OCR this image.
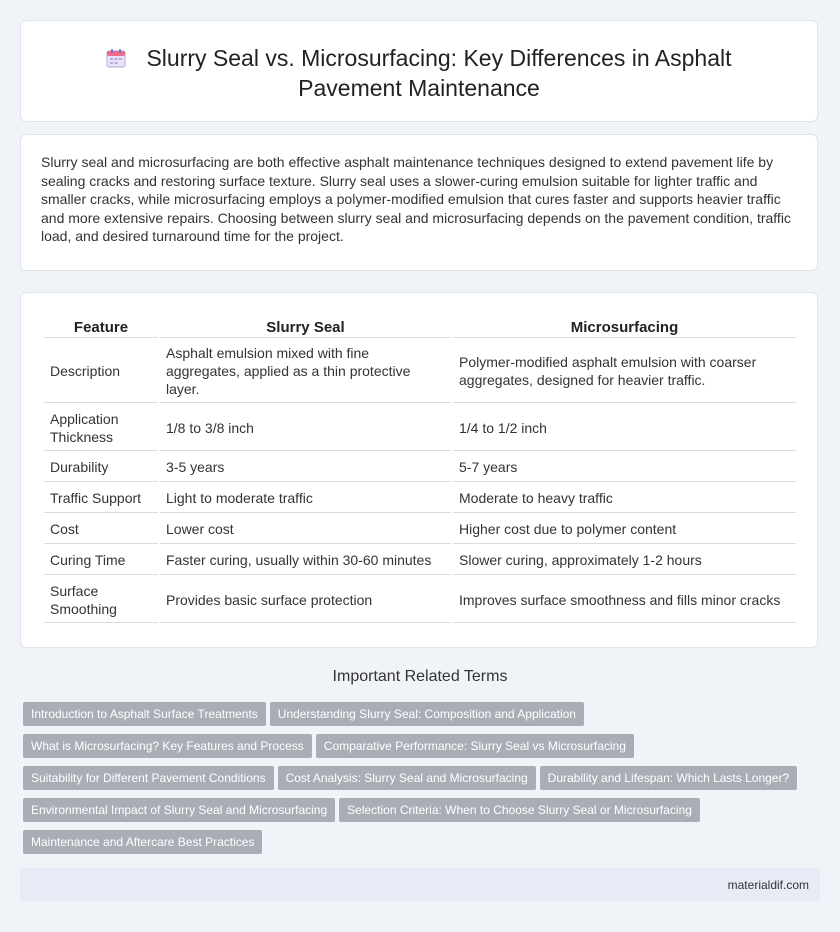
Slurry Seal vs. Microsurfacing: Key Differences in Asphalt
Pavement Maintenance
Slurry seal and microsurfacing are both effective asphalt maintenance techniques designed to extend pavement life by sealing cracks and restoring surface texture. Slurry seal uses a slower-curing emulsion suitable for lighter traffic and smaller cracks, while microsurfacing employs a polymer-modified emulsion that cures faster and supports heavier traffic and more extensive repairs. Choosing between slurry seal and microsurfacing depends on the pavement condition, traffic load, and desired turnaround time for the project.
Feature	Slurry Seal	Microsurfacing
Description	Asphalt emulsion mixed with fine aggregates, applied as a thin protective layer.	Polymer-modified asphalt emulsion with coarser aggregates, designed for heavier traffic.
Application Thickness	1/8 to 3/8 inch	1/4 to 1/2 inch
Durability	3-5 years	5-7 years
Traffic Support	Light to moderate traffic	Moderate to heavy traffic
Cost	Lower cost	Higher cost due to polymer content
Curing Time	Faster curing, usually within 30-60 minutes	Slower curing, approximately 1-2 hours
Surface Smoothing	Provides basic surface protection	Improves surface smoothness and fills minor cracks
Important Related Terms
Introduction to Asphalt Surface Treatments Understanding Slurry Seal: Composition and Application
What is Microsurfacing? Key Features and Process Comparative Performance: Slurry Seal vs Microsurfacing
Suitability for Different Pavement Conditions Cost Analysis: Slurry Seal and Microsurfacing Durability and Lifespan: Which Lasts Longer?
Environmental Impact of Slurry Seal and Microsurfacing Selection Criteria: When to Choose Slurry Seal or Microsurfacing
Maintenance and Aftercare Best Practices
materialdif.com
